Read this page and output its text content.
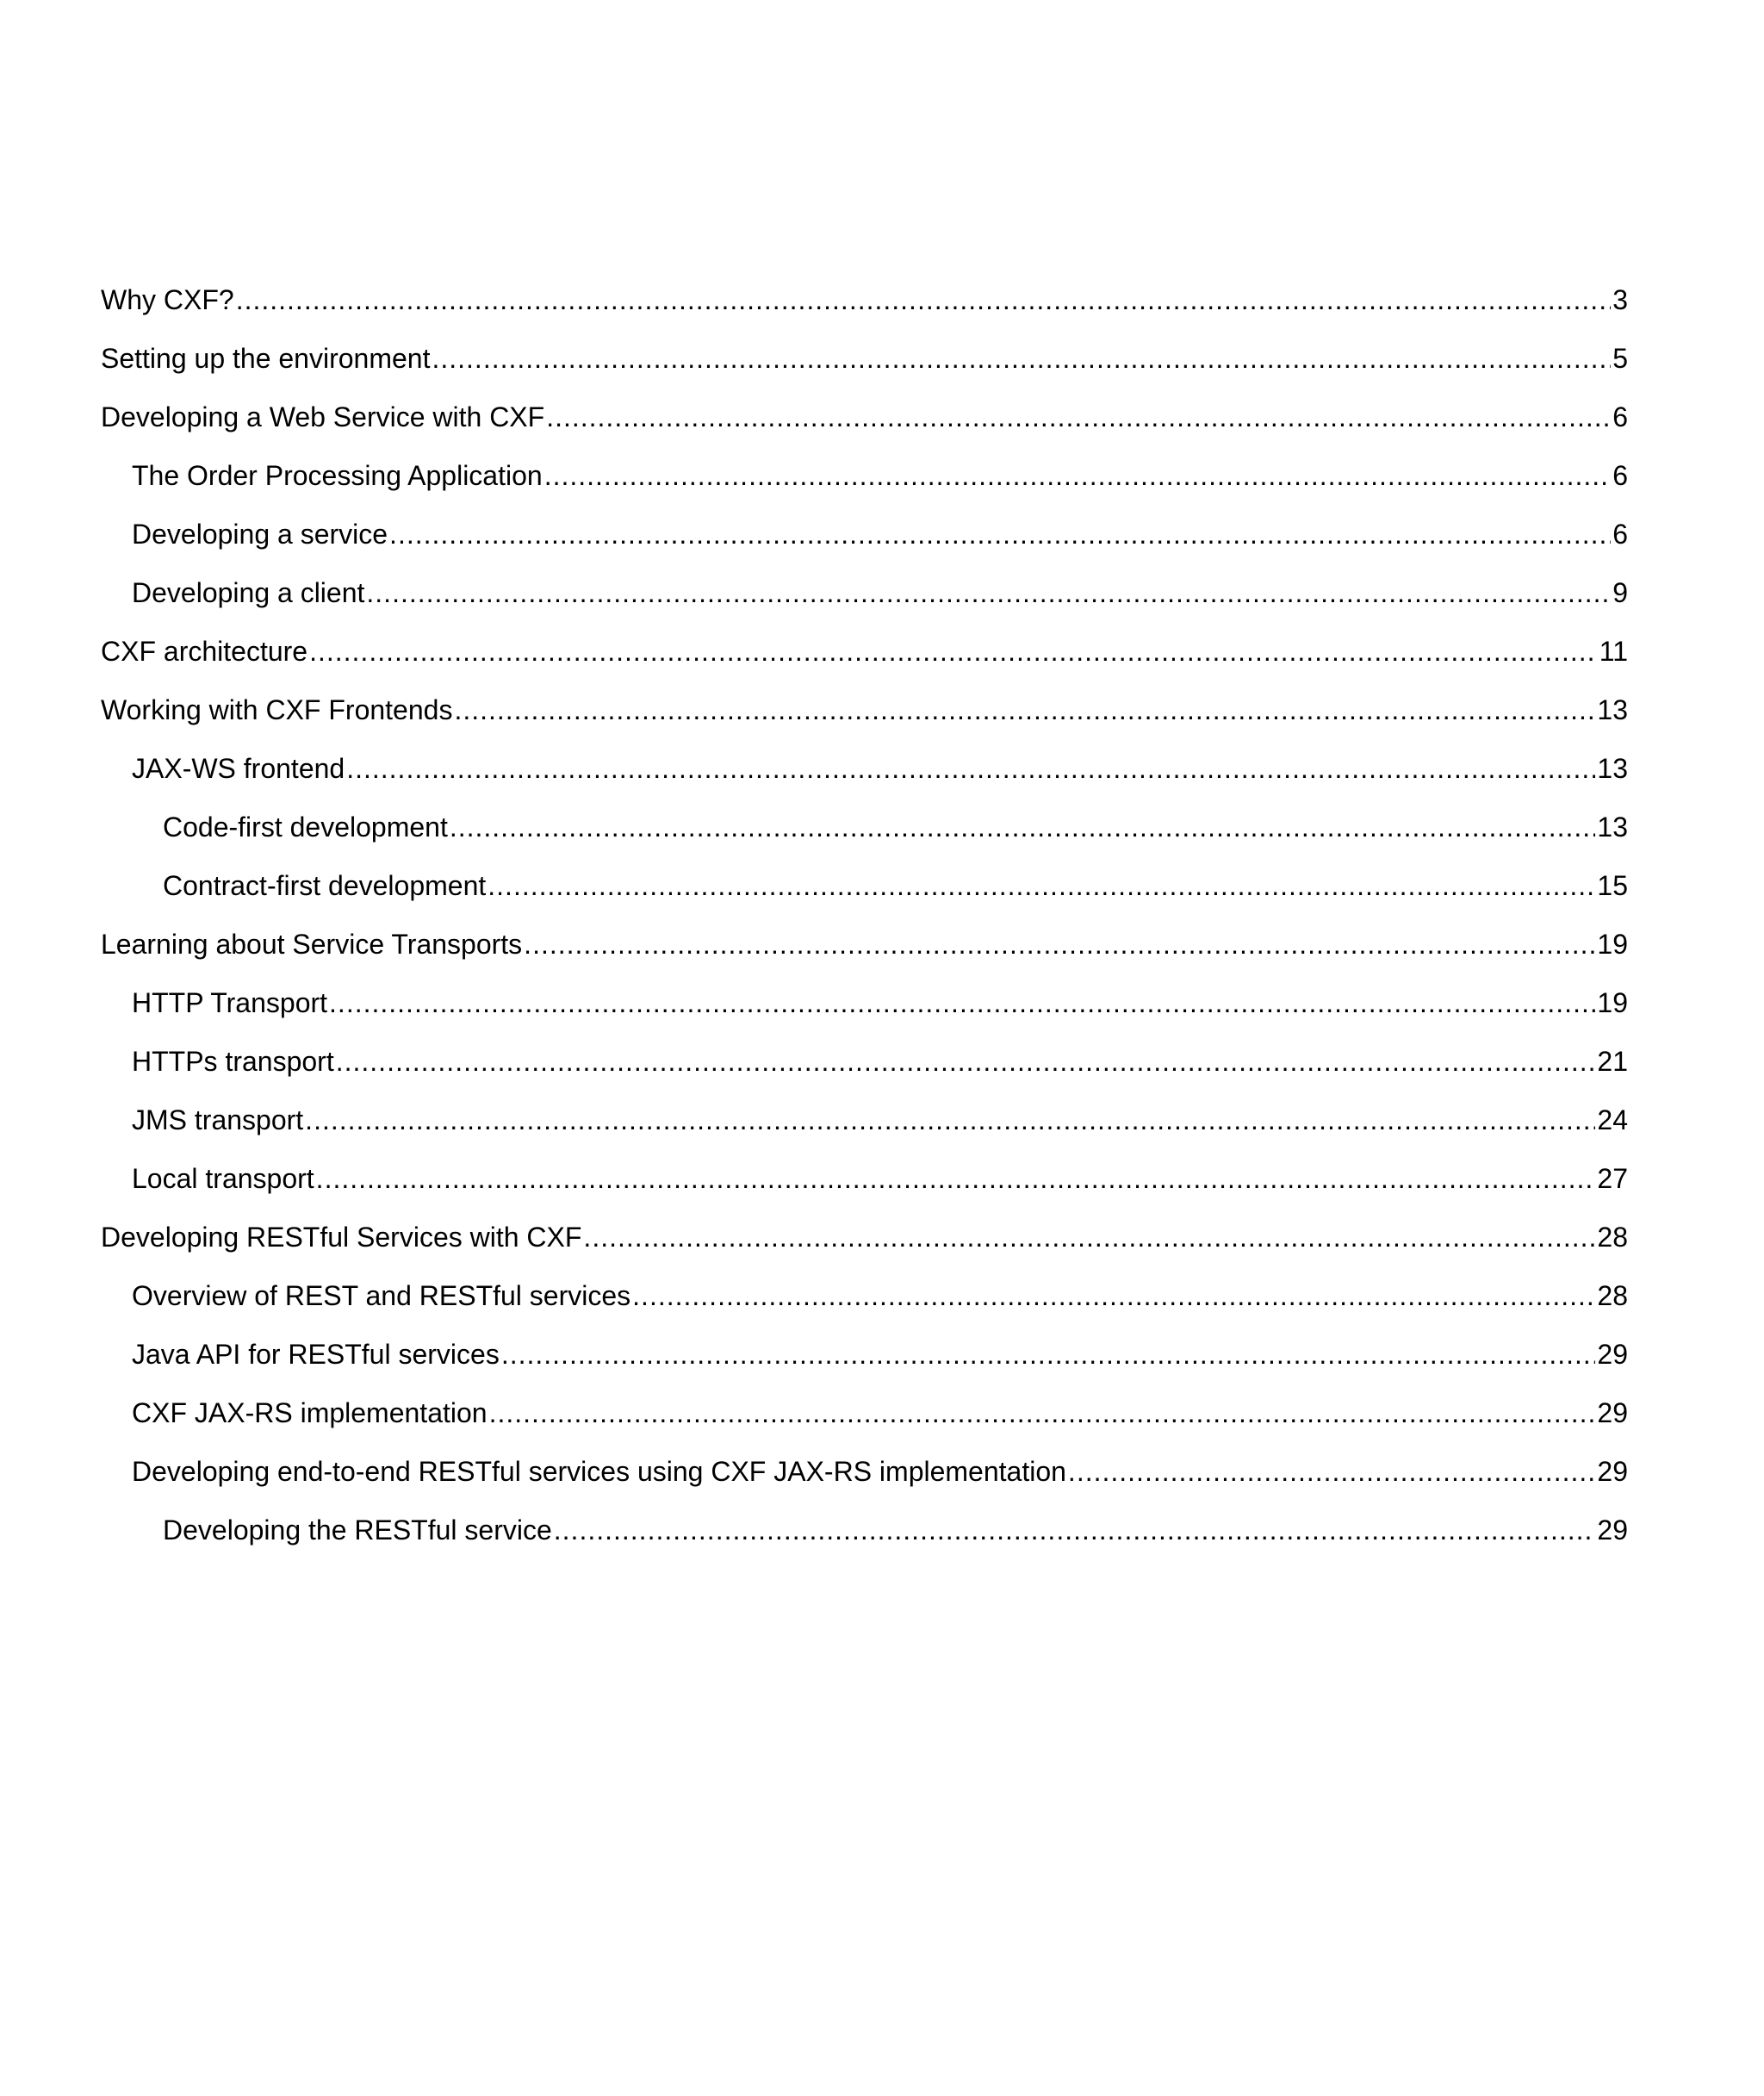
Why CXF? .....	3
Setting up the environment .....	5
Developing a Web Service with CXF .....	6
The Order Processing Application .....	6
Developing a service .....	6
Developing a client .....	9
CXF architecture .....	11
Working with CXF Frontends .....	13
JAX-WS frontend .....	13
Code-first development .....	13
Contract-first development .....	15
Learning about Service Transports .....	19
HTTP Transport .....	19
HTTPs transport .....	21
JMS transport .....	24
Local transport .....	27
Developing RESTful Services with CXF .....	28
Overview of REST and RESTful services .....	28
Java API for RESTful services .....	29
CXF JAX-RS implementation .....	29
Developing end-to-end RESTful services using CXF JAX-RS implementation .....	29
Developing the RESTful service .....	29
